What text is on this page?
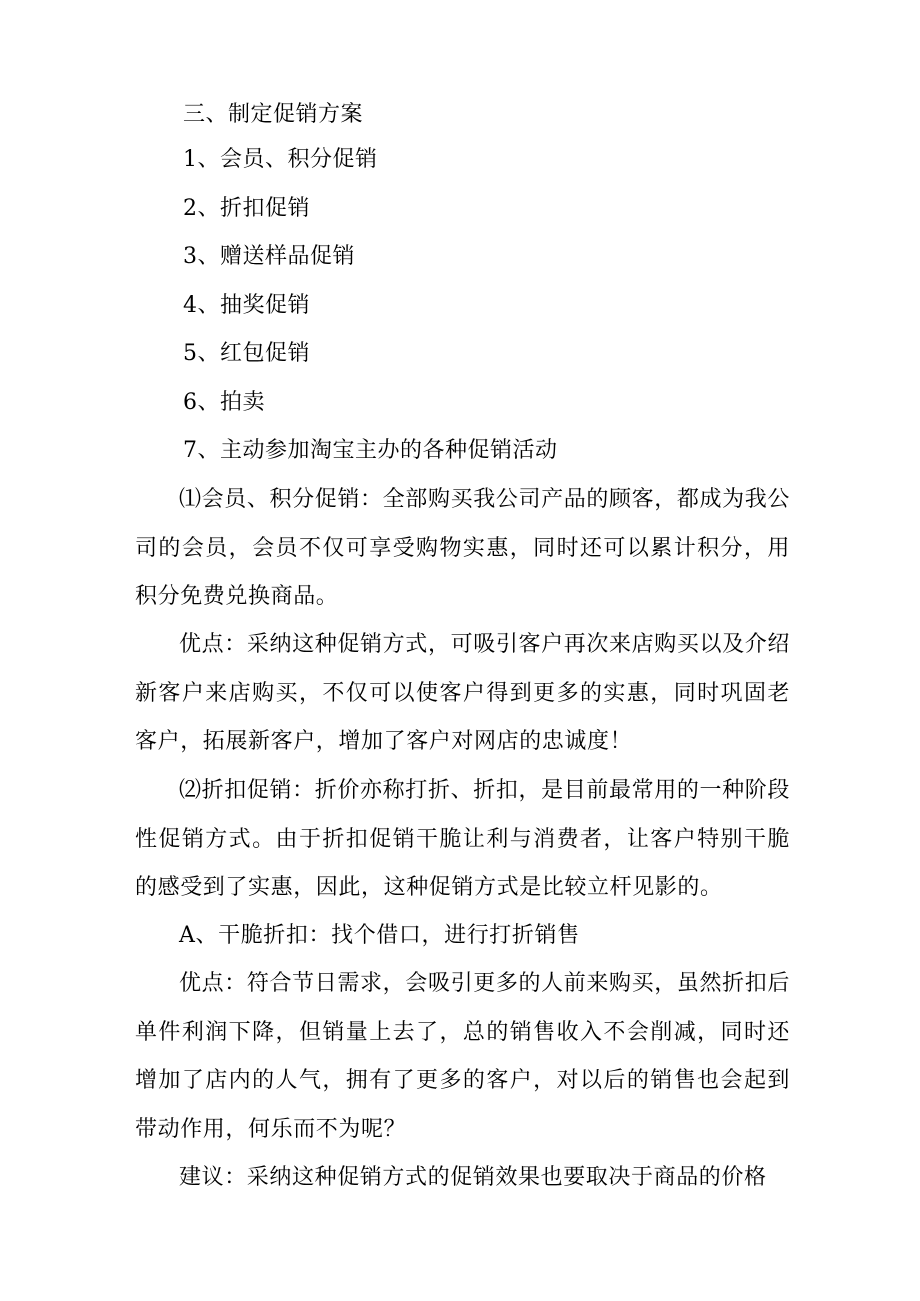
三、制定促销方案
1、会员、积分促销
2、折扣促销
3、赠送样品促销
4、抽奖促销
5、红包促销
6、拍卖
7、主动参加淘宝主办的各种促销活动
⑴会员、积分促销：全部购买我公司产品的顾客，都成为我公司的会员，会员不仅可享受购物实惠，同时还可以累计积分，用积分免费兑换商品。
优点：采纳这种促销方式，可吸引客户再次来店购买以及介绍新客户来店购买，不仅可以使客户得到更多的实惠，同时巩固老客户，拓展新客户，增加了客户对网店的忠诚度！
⑵折扣促销：折价亦称打折、折扣，是目前最常用的一种阶段性促销方式。由于折扣促销干脆让利与消费者，让客户特别干脆的感受到了实惠，因此，这种促销方式是比较立杆见影的。
A、干脆折扣：找个借口，进行打折销售
优点：符合节日需求，会吸引更多的人前来购买，虽然折扣后单件利润下降，但销量上去了，总的销售收入不会削减，同时还增加了店内的人气，拥有了更多的客户，对以后的销售也会起到带动作用，何乐而不为呢？
建议：采纳这种促销方式的促销效果也要取决于商品的价格
